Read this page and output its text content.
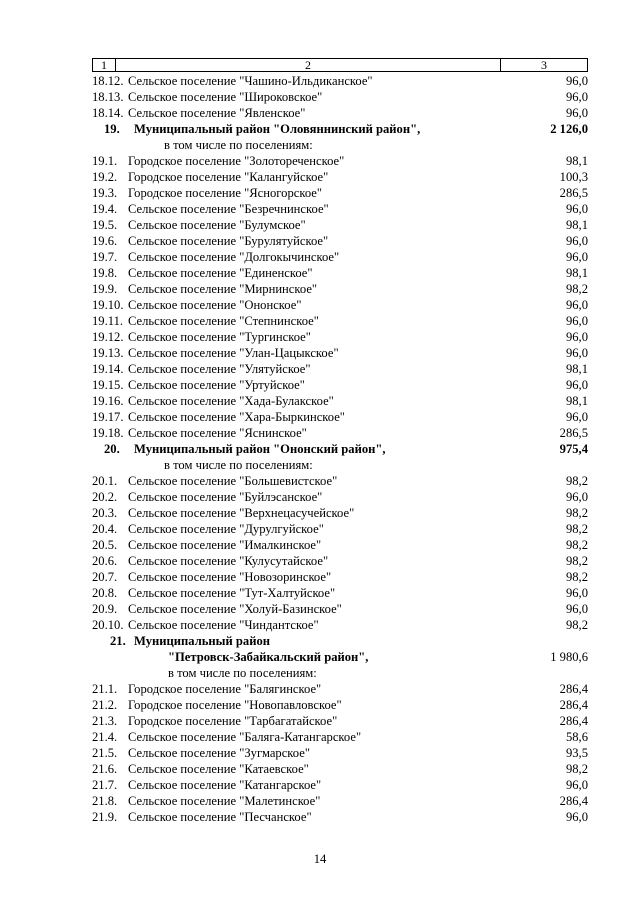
1	2	3
18.12. Сельское поселение "Чашино-Ильдиканское"	96,0
18.13. Сельское поселение "Широковское"	96,0
18.14. Сельское поселение "Явленское"	96,0
19.	Муниципальный район "Оловяннинский район",	2 126,0
в том числе по поселениям:
19.1. Городское поселение "Золотореченское"	98,1
19.2. Городское поселение "Калангуйское"	100,3
19.3. Городское поселение "Ясногорское"	286,5
19.4. Сельское поселение "Безречнинское"	96,0
19.5. Сельское поселение "Булумское"	98,1
19.6. Сельское поселение "Бурулятуйское"	96,0
19.7. Сельское поселение "Долгокычинское"	96,0
19.8. Сельское поселение "Единенское"	98,1
19.9. Сельское поселение "Мирнинское"	98,2
19.10. Сельское поселение "Ононское"	96,0
19.11. Сельское поселение "Степнинское"	96,0
19.12. Сельское поселение "Тургинское"	96,0
19.13. Сельское поселение "Улан-Цацыкское"	96,0
19.14. Сельское поселение "Улятуйское"	98,1
19.15. Сельское поселение "Уртуйское"	96,0
19.16. Сельское поселение "Хада-Булакское"	98,1
19.17. Сельское поселение "Хара-Быркинское"	96,0
19.18. Сельское поселение "Яснинское"	286,5
20.	Муниципальный район "Ононский район",	975,4
в том числе по поселениям:
20.1. Сельское поселение "Большевистское"	98,2
20.2. Сельское поселение "Буйлэсанское"	96,0
20.3. Сельское поселение "Верхнецасучейское"	98,2
20.4. Сельское поселение "Дурулгуйское"	98,2
20.5. Сельское поселение "Ималкинское"	98,2
20.6. Сельское поселение "Кулусутайское"	98,2
20.7. Сельское поселение "Новозоринское"	98,2
20.8. Сельское поселение "Тут-Халтуйское"	96,0
20.9. Сельское поселение "Холуй-Базинское"	96,0
20.10. Сельское поселение "Чиндантское"	98,2
21. Муниципальный район
"Петровск-Забайкальский район",	1 980,6
в том числе по поселениям:
21.1. Городское поселение "Балягинское"	286,4
21.2. Городское поселение "Новопавловское"	286,4
21.3. Городское поселение "Тарбагатайское"	286,4
21.4. Сельское поселение "Баляга-Катангарское"	58,6
21.5. Сельское поселение "Зугмарское"	93,5
21.6. Сельское поселение "Катаевское"	98,2
21.7. Сельское поселение "Катангарское"	96,0
21.8. Сельское поселение "Малетинское"	286,4
21.9. Сельское поселение "Песчанское"	96,0
14
